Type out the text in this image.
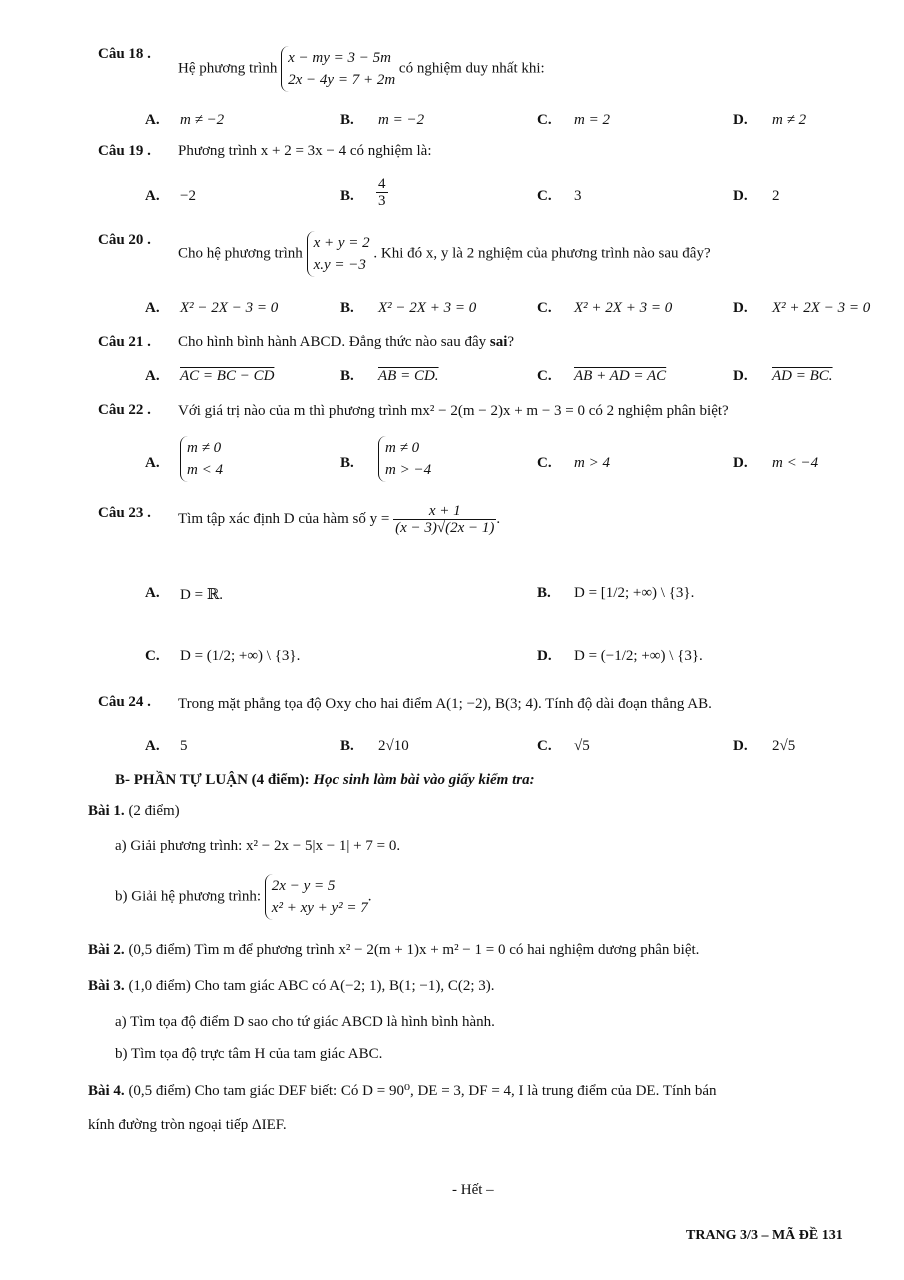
Câu 18 .
Hệ phương trình x − my = 3 − 5m
2x − 4y = 7 + 2m có nghiệm duy nhất khi:
A. m ≠ −2	B. m = −2	C. m = 2	D. m ≠ 2
Câu 19 . Phương trình x + 2 = 3x − 4 có nghiệm là:
A. −2	B. $\frac{4}{3}$	C. 3	D. 2
Câu 20 .
Cho hệ phương trình x + y = 2
x.y = −3 . Khi đó x, y là 2 nghiệm của phương trình nào sau đây?
A. X² − 2X − 3 = 0	B. X² − 2X + 3 = 0	C. X² + 2X + 3 = 0	D. X² + 2X − 3 = 0
Câu 21 . Cho hình bình hành ABCD. Đẳng thức nào sau đây sai?
A. AC = BC − CD	B. AB = CD.	C. AB + AD = AC	D. AD = BC.
Câu 22 . Với giá trị nào của m thì phương trình mx² − 2(m − 2)x + m − 3 = 0 có 2 nghiệm phân biệt?
A.
m ≠ 0
m < 4	B.
m ≠ 0
m > −4	C. m > 4	D. m < −4
Câu 23 . Tìm tập xác định D của hàm số $y = \frac{x + 1}{(x - 3)√(2x - 1)}$ .
A. D = ℝ.	B. D = [1/2; +∞) \ {3}.
C. D = (1/2; +∞) \ {3}.	D. D = (−1/2; +∞) \ {3}.
Câu 24 . Trong mặt phẳng tọa độ Oxy cho hai điểm A(1; −2), B(3; 4). Tính độ dài đoạn thẳng AB.
A. 5	B. 2√10	C. √5	D. 2√5
B- PHẦN TỰ LUẬN (4 điểm): Học sinh làm bài vào giấy kiểm tra:
Bài 1. (2 điểm)
a) Giải phương trình: x² − 2x − 5|x − 1| + 7 = 0.
b) Giải hệ phương trình: 2x − y = 5
x² + xy + y² = 7.
Bài 2. (0,5 điểm) Tìm m để phương trình x² − 2(m + 1)x + m² − 1 = 0 có hai nghiệm dương phân biệt.
Bài 3. (1,0 điểm) Cho tam giác ABC có A(−2; 1), B(1; −1), C(2; 3).
a) Tìm tọa độ điểm D sao cho tứ giác ABCD là hình bình hành.
b) Tìm tọa độ trực tâm H của tam giác ABC.
Bài 4. (0,5 điểm) Cho tam giác DEF biết: Có D = 90⁰, DE = 3, DF = 4, I là trung điểm của DE. Tính bán
kính đường tròn ngoại tiếp ΔIEF.
- Hết –
TRANG 3/3 – MÃ ĐỀ 131
